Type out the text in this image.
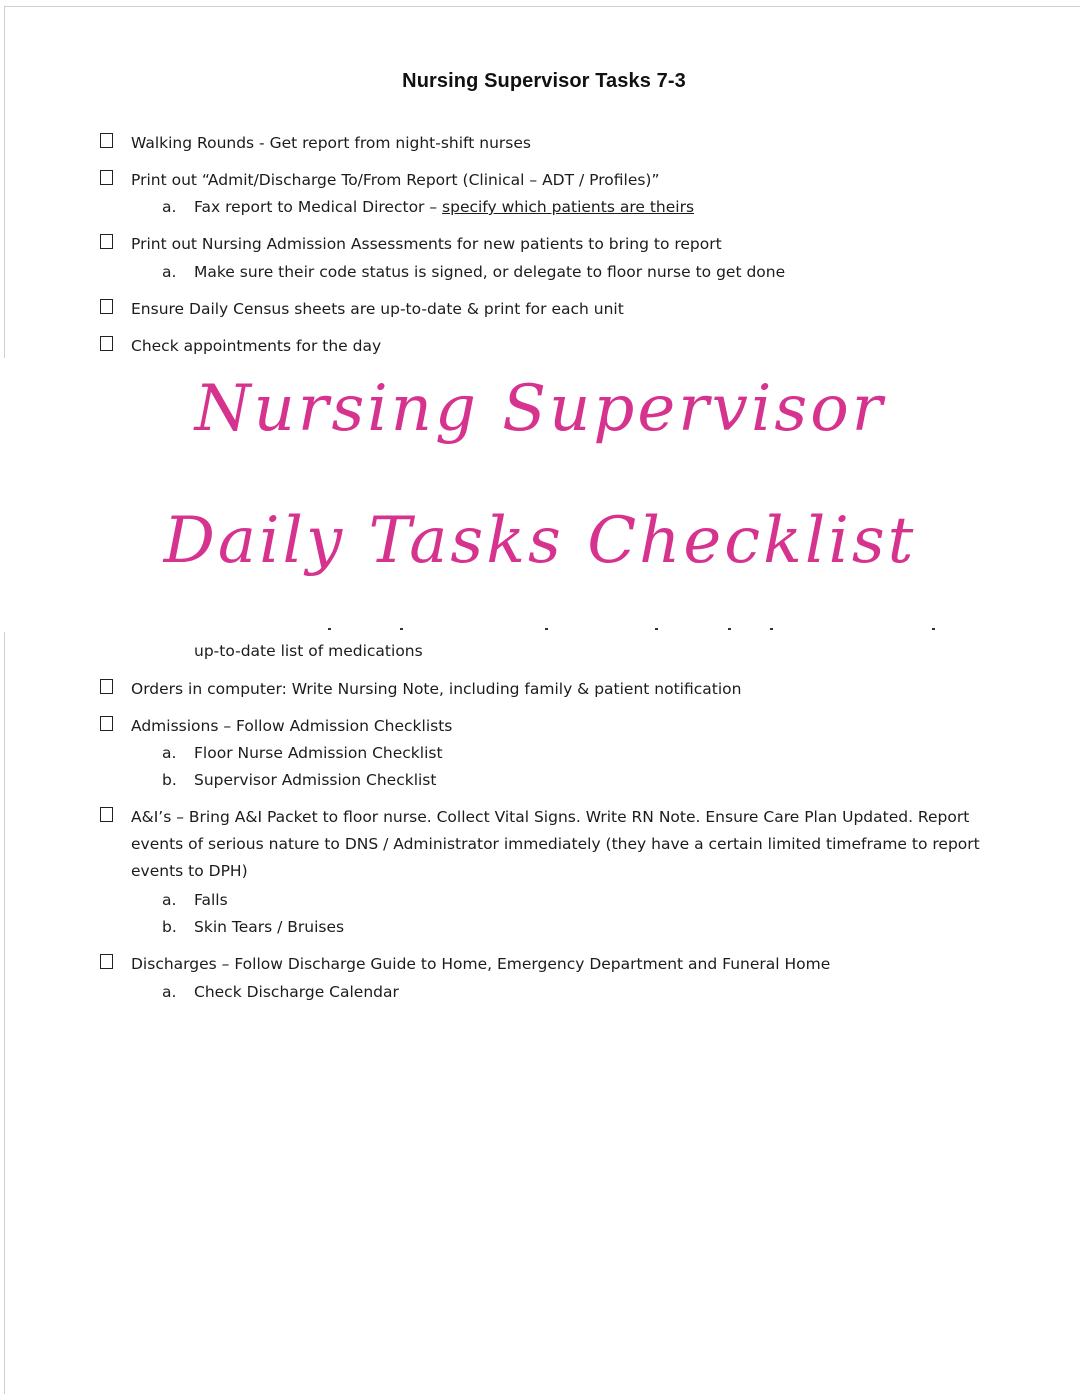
Nursing Supervisor Tasks 7-3
Walking Rounds - Get report from night-shift nurses
Print out “Admit/Discharge To/From Report (Clinical – ADT / Profiles)”
a. Fax report to Medical Director – specify which patients are theirs
Print out Nursing Admission Assessments for new patients to bring to report
a. Make sure their code status is signed, or delegate to floor nurse to get done
Ensure Daily Census sheets are up-to-date & print for each unit
Check appointments for the day
Nursing Supervisor
Daily Tasks Checklist
up-to-date list of medications
Orders in computer: Write Nursing Note, including family & patient notification
Admissions – Follow Admission Checklists
a. Floor Nurse Admission Checklist
b. Supervisor Admission Checklist
A&I’s – Bring A&I Packet to floor nurse. Collect Vital Signs. Write RN Note. Ensure Care Plan Updated. Report events of serious nature to DNS / Administrator immediately (they have a certain limited timeframe to report events to DPH)
a. Falls
b. Skin Tears / Bruises
Discharges – Follow Discharge Guide to Home, Emergency Department and Funeral Home
a. Check Discharge Calendar
